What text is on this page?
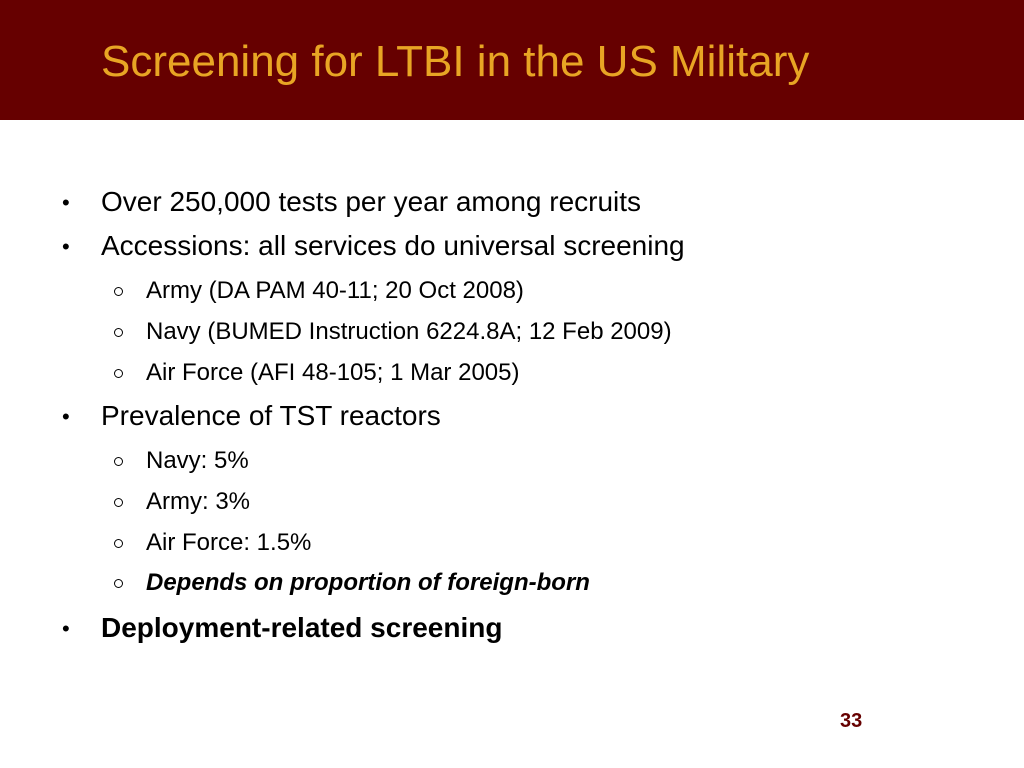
Screening for LTBI in the US Military
• Over 250,000 tests per year among recruits
• Accessions: all services do universal screening
Army (DA PAM 40-11; 20 Oct 2008)
Navy (BUMED Instruction 6224.8A; 12 Feb 2009)
Air Force (AFI 48-105; 1 Mar 2005)
• Prevalence of TST reactors
Navy: 5%
Army: 3%
Air Force: 1.5%
Depends on proportion of foreign-born
• Deployment-related screening
33
